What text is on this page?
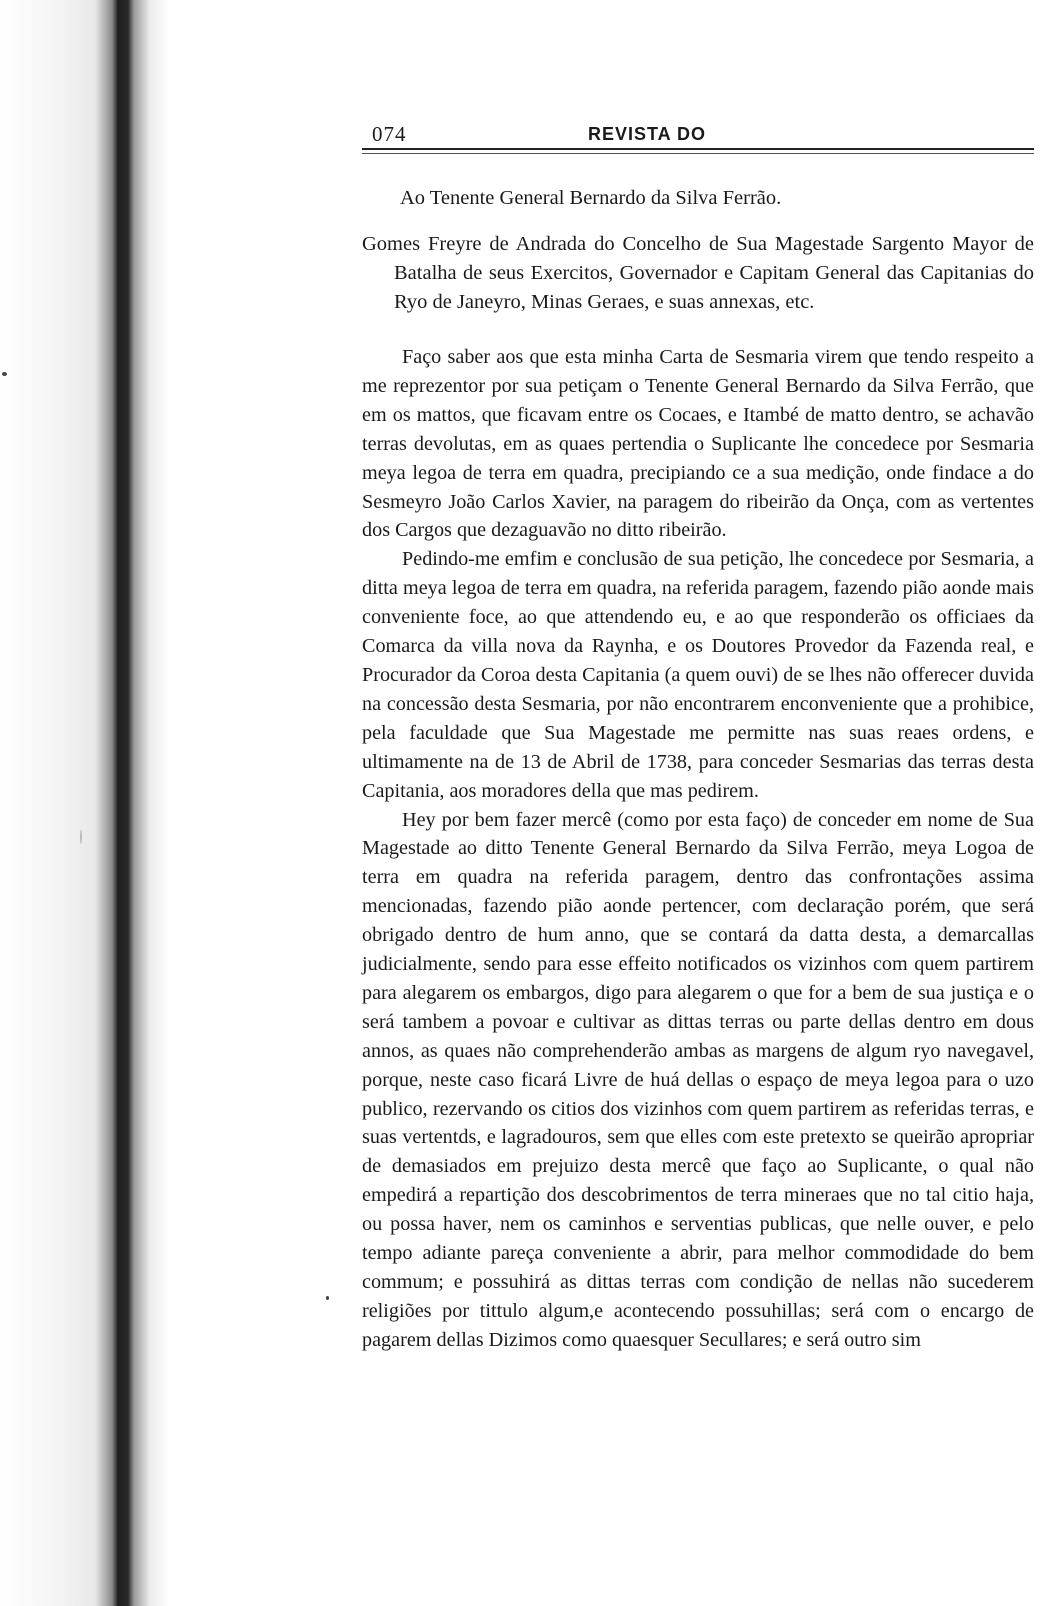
074	REVISTA DO
Ao Tenente General Bernardo da Silva Ferrão.
Gomes Freyre de Andrada do Concelho de Sua Magestade Sargento Mayor de Batalha de seus Exercitos, Governador e Capitam General das Capitanias do Ryo de Janeyro, Minas Geraes, e suas annexas, etc.

Faço saber aos que esta minha Carta de Sesmaria virem que tendo respeito a me reprezentor por sua petiçam o Tenente General Bernardo da Silva Ferrão, que em os mattos, que ficavam entre os Cocaes, e Itambé de matto dentro, se achavão terras devolutas, em as quaes pertendia o Suplicante lhe concedece por Sesmaria meya legoa de terra em quadra, precipiando ce a sua medição, onde findace a do Sesmeyro João Carlos Xavier, na paragem do ribeirão da Onça, com as vertentes dos Cargos que dezaguavão no ditto ribeirão.

Pedindo-me emfim e conclusão de sua petição, lhe concedece por Sesmaria, a ditta meya legoa de terra em quadra, na referida paragem, fazendo pião aonde mais conveniente foce, ao que attendendo eu, e ao que responderão os officiaes da Comarca da villa nova da Raynha, e os Doutores Provedor da Fazenda real, e Procurador da Coroa desta Capitania (a quem ouvi) de se lhes não offerecer duvida na concessão desta Sesmaria, por não encontrarem enconveniente que a prohibice, pela faculdade que Sua Magestade me permitte nas suas reaes ordens, e ultimamente na de 13 de Abril de 1738, para conceder Sesmarias das terras desta Capitania, aos moradores della que mas pedirem.

Hey por bem fazer mercê (como por esta faço) de conceder em nome de Sua Magestade ao ditto Tenente General Bernardo da Silva Ferrão, meya Logoa de terra em quadra na referida paragem, dentro das confrontações assima mencionadas, fazendo pião aonde pertencer, com declaração porém, que será obrigado dentro de hum anno, que se contará da datta desta, a demarcallas judicialmente, sendo para esse effeito notificados os vizinhos com quem partirem para alegarem os embargos, digo para alegarem o que for a bem de sua justiça e o será tambem a povoar e cultivar as dittas terras ou parte dellas dentro em dous annos, as quaes não comprehenderão ambas as margens de algum ryo navegavel, porque, neste caso ficará Livre de huá dellas o espaço de meya legoa para o uzo publico, rezervando os citios dos vizinhos com quem partirem as referidas terras, e suas vertentds, e lagradouros, sem que elles com este pretexto se queirão apropriar de demasiados em prejuizo desta mercê que faço ao Suplicante, o qual não empedirá a repartição dos descobrimentos de terra mineraes que no tal citio haja, ou possa haver, nem os caminhos e serventias publicas, que nelle ouver, e pelo tempo adiante pareça conveniente a abrir, para melhor commodidade do bem commum; e possuhirá as dittas terras com condição de nellas não sucederem religiões por tittulo algum,e acontecendo possuhillas; será com o encargo de pagarem dellas Dizimos como quaesquer Secullares; e será outro sim
